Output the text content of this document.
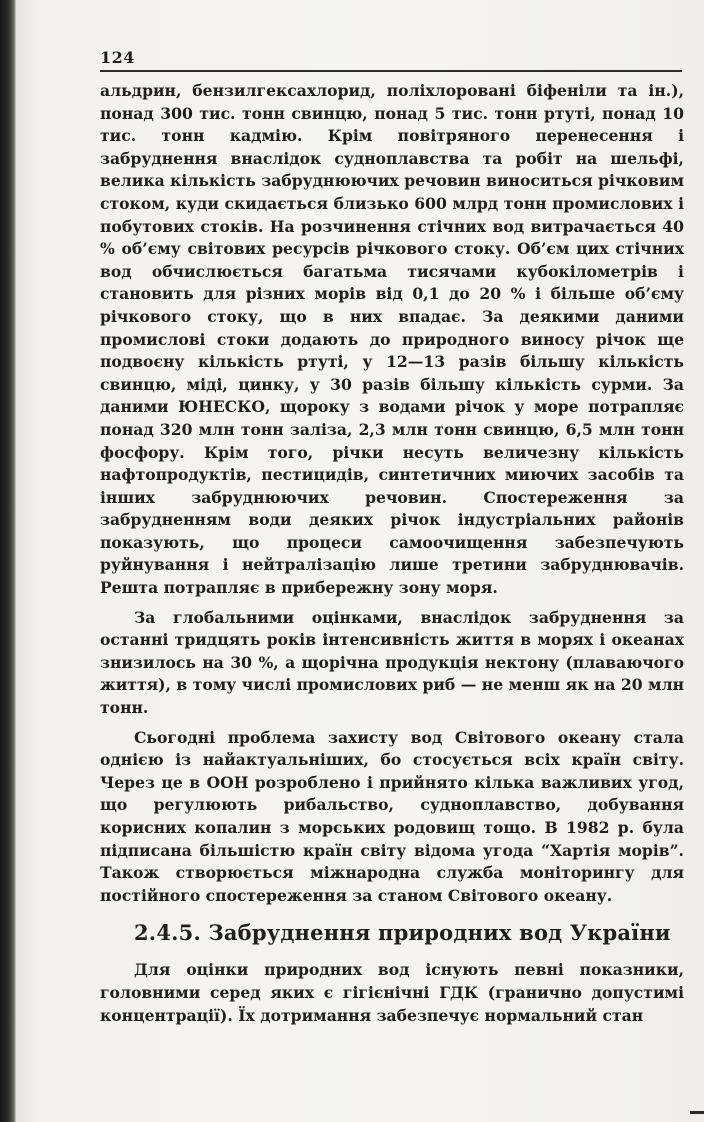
124

альдрин, бензилгексахлорид, поліхлоровані біфеніли та ін.), понад 300 тис. тонн свинцю, понад 5 тис. тонн ртуті, понад 10 тис. тонн кадмію. Крім повітряного перенесення і забруднення внаслідок судноплавства та робіт на шельфі, велика кількість забруднюючих речовин виноситься річковим стоком, куди скидається близько 600 млрд тонн промислових і побутових стоків. На розчинення стічних вод витрачається 40 % об’єму світових ресурсів річкового стоку. Об’єм цих стічних вод обчислюється багатьма тисячами кубокілометрів і становить для різних морів від 0,1 до 20 % і більше об’єму річкового стоку, що в них впадає. За деякими даними промислові стоки додають до природного виносу річок ще подвоєну кількість ртуті, у 12—13 разів більшу кількість свинцю, міді, цинку, у 30 разів більшу кількість сурми. За даними ЮНЕСКО, щороку з водами річок у море потрапляє понад 320 млн тонн заліза, 2,3 млн тонн свинцю, 6,5 млн тонн фосфору. Крім того, річки несуть величезну кількість нафтопродуктів, пестицидів, синтетичних миючих засобів та інших забруднюючих речовин. Спостереження за забрудненням води деяких річок індустріальних районів показують, що процеси самоочищення забезпечують руйнування і нейтралізацію лише третини забруднювачів. Решта потрапляє в прибережну зону моря.

За глобальними оцінками, внаслідок забруднення за останні тридцять років інтенсивність життя в морях і океанах знизилось на 30 %, а щорічна продукція нектону (плаваючого життя), в тому числі промислових риб — не менш як на 20 млн тонн.

Сьогодні проблема захисту вод Світового океану стала однією із найактуальніших, бо стосується всіх країн світу. Через це в ООН розроблено і прийнято кілька важливих угод, що регулюють рибальство, судноплавство, добування корисних копалин з морських родовищ тощо. В 1982 р. була підписана більшістю країн світу відома угода “Хартія морів”. Також створюється міжнародна служба моніторингу для постійного спостереження за станом Світового океану.

2.4.5. Забруднення природних вод України

Для оцінки природних вод існують певні показники, головними серед яких є гігієнічні ГДК (гранично допустимі концентрації). Їх дотримання забезпечує нормальний стан
